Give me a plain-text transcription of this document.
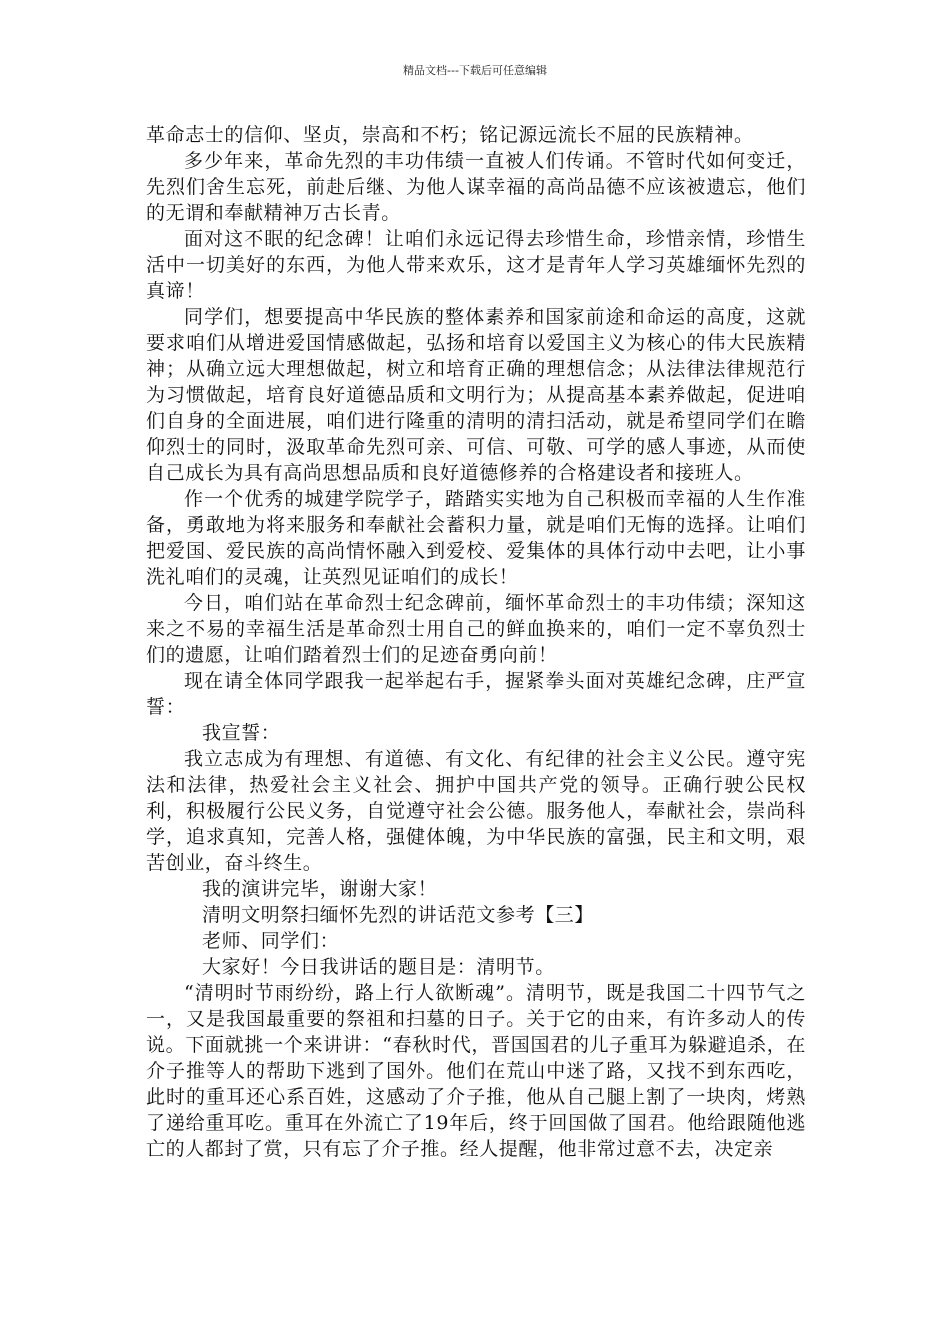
精品文档---下载后可任意编辑

革命志士的信仰、坚贞，崇高和不朽；铭记源远流长不屈的民族精神。

多少年来，革命先烈的丰功伟绩一直被人们传诵。不管时代如何变迁，先烈们舍生忘死，前赴后继、为他人谋幸福的高尚品德不应该被遗忘，他们的无谓和奉献精神万古长青。

面对这不眠的纪念碑！让咱们永远记得去珍惜生命，珍惜亲情，珍惜生活中一切美好的东西，为他人带来欢乐，这才是青年人学习英雄缅怀先烈的真谛！

同学们，想要提高中华民族的整体素养和国家前途和命运的高度，这就要求咱们从增进爱国情感做起，弘扬和培育以爱国主义为核心的伟大民族精神；从确立远大理想做起，树立和培育正确的理想信念；从法律法律规范行为习惯做起，培育良好道德品质和文明行为；从提高基本素养做起，促进咱们自身的全面进展，咱们进行隆重的清明的清扫活动，就是希望同学们在瞻仰烈士的同时，汲取革命先烈可亲、可信、可敬、可学的感人事迹，从而使自己成长为具有高尚思想品质和良好道德修养的合格建设者和接班人。

作一个优秀的城建学院学子，踏踏实实地为自己积极而幸福的人生作准备，勇敢地为将来服务和奉献社会蓄积力量，就是咱们无悔的选择。让咱们把爱国、爱民族的高尚情怀融入到爱校、爱集体的具体行动中去吧，让小事洗礼咱们的灵魂，让英烈见证咱们的成长！

今日，咱们站在革命烈士纪念碑前，缅怀革命烈士的丰功伟绩；深知这来之不易的幸福生活是革命烈士用自己的鲜血换来的，咱们一定不辜负烈士们的遗愿，让咱们踏着烈士们的足迹奋勇向前！

现在请全体同学跟我一起举起右手，握紧拳头面对英雄纪念碑，庄严宣誓：

我宣誓：

我立志成为有理想、有道德、有文化、有纪律的社会主义公民。遵守宪法和法律，热爱社会主义社会、拥护中国共产党的领导。正确行驶公民权利，积极履行公民义务，自觉遵守社会公德。服务他人，奉献社会，崇尚科学，追求真知，完善人格，强健体魄，为中华民族的富强，民主和文明，艰苦创业，奋斗终生。

我的演讲完毕，谢谢大家！

清明文明祭扫缅怀先烈的讲话范文参考【三】

老师、同学们：

大家好！今日我讲话的题目是：清明节。

“清明时节雨纷纷，路上行人欲断魂”。清明节，既是我国二十四节气之一，又是我国最重要的祭祖和扫墓的日子。关于它的由来，有许多动人的传说。下面就挑一个来讲讲：“春秋时代，晋国国君的儿子重耳为躲避追杀，在介子推等人的帮助下逃到了国外。他们在荒山中迷了路，又找不到东西吃，此时的重耳还心系百姓，这感动了介子推，他从自己腿上割了一块肉，烤熟了递给重耳吃。重耳在外流亡了19年后，终于回国做了国君。他给跟随他逃亡的人都封了赏，只有忘了介子推。经人提醒，他非常过意不去，决定亲
